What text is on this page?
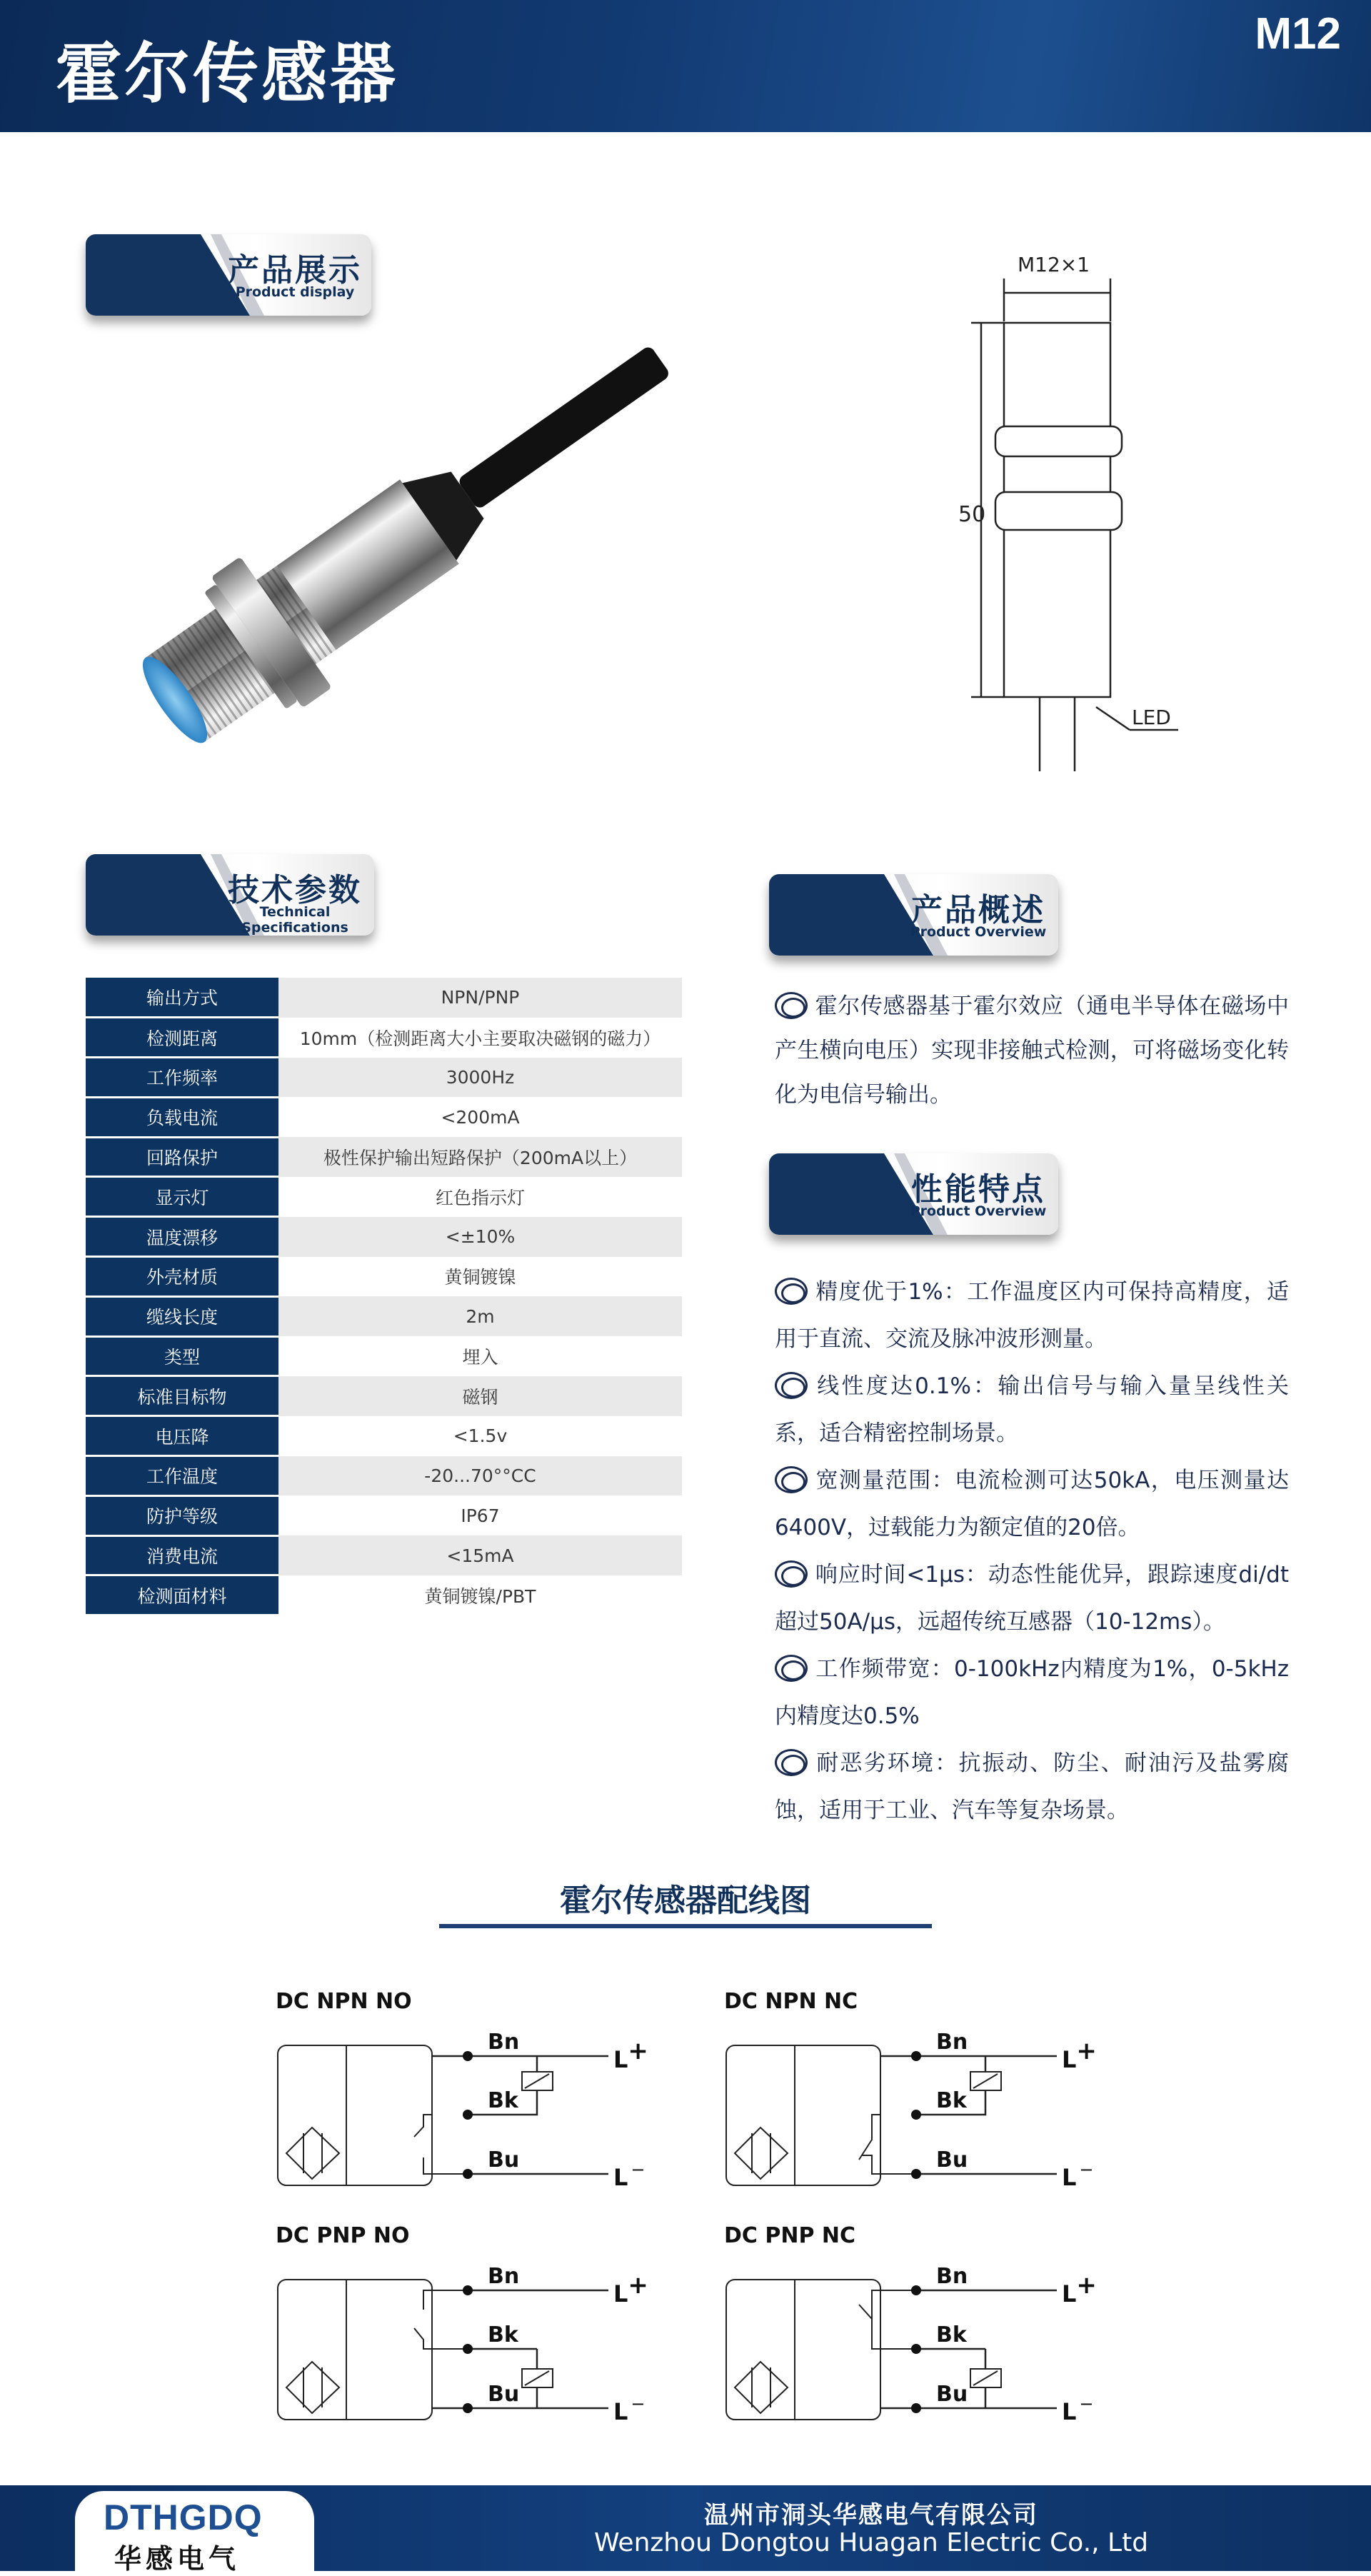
霍尔传感器
M12
产品展示
Product display
M12×1
50
LED
技术参数
Technical Specifications
输出方式	NPN/PNP
检测距离	10mm（检测距离大小主要取决磁钢的磁力）
工作频率	3000Hz
负载电流	<200mA
回路保护	极性保护输出短路保护（200mA以上）
显示灯	红色指示灯
温度漂移	<±10%
外壳材质	黄铜镀镍
缆线长度	2m
类型	埋入
标准目标物	磁钢
电压降	<1.5v
工作温度	-20...70°°CC
防护等级	IP67
消费电流	<15mA
检测面材料	黄铜镀镍/PBT
产品概述
Product Overview
霍尔传感器基于霍尔效应（通电半导体在磁场中产生横向电压）实现非接触式检测，可将磁场变化转化为电信号输出。
性能特点
Product Overview
精度优于1%：工作温度区内可保持高精度，适用于直流、交流及脉冲波形测量。
线性度达0.1%：输出信号与输入量呈线性关系，适合精密控制场景。
宽测量范围：电流检测可达50kA，电压测量达6400V，过载能力为额定值的20倍。
响应时间<1μs：动态性能优异，跟踪速度di/dt超过50A/μs，远超传统互感器（10-12ms）。
工作频带宽：0-100kHz内精度为1%，0-5kHz内精度达0.5%
耐恶劣环境：抗振动、防尘、耐油污及盐雾腐蚀，适用于工业、汽车等复杂场景。
霍尔传感器配线图
DC NPN NO
Bn
Bk
Bu
L+
L −
DC NPN NC
Bn
Bk
Bu
L+
L −
DC PNP NO
Bn
Bk
Bu
L+
L −
DC PNP NC
Bn
Bk
Bu
L+
L −
DTHGDQ
华感电气
温州市洞头华感电气有限公司
Wenzhou Dongtou Huagan Electric Co., Ltd
